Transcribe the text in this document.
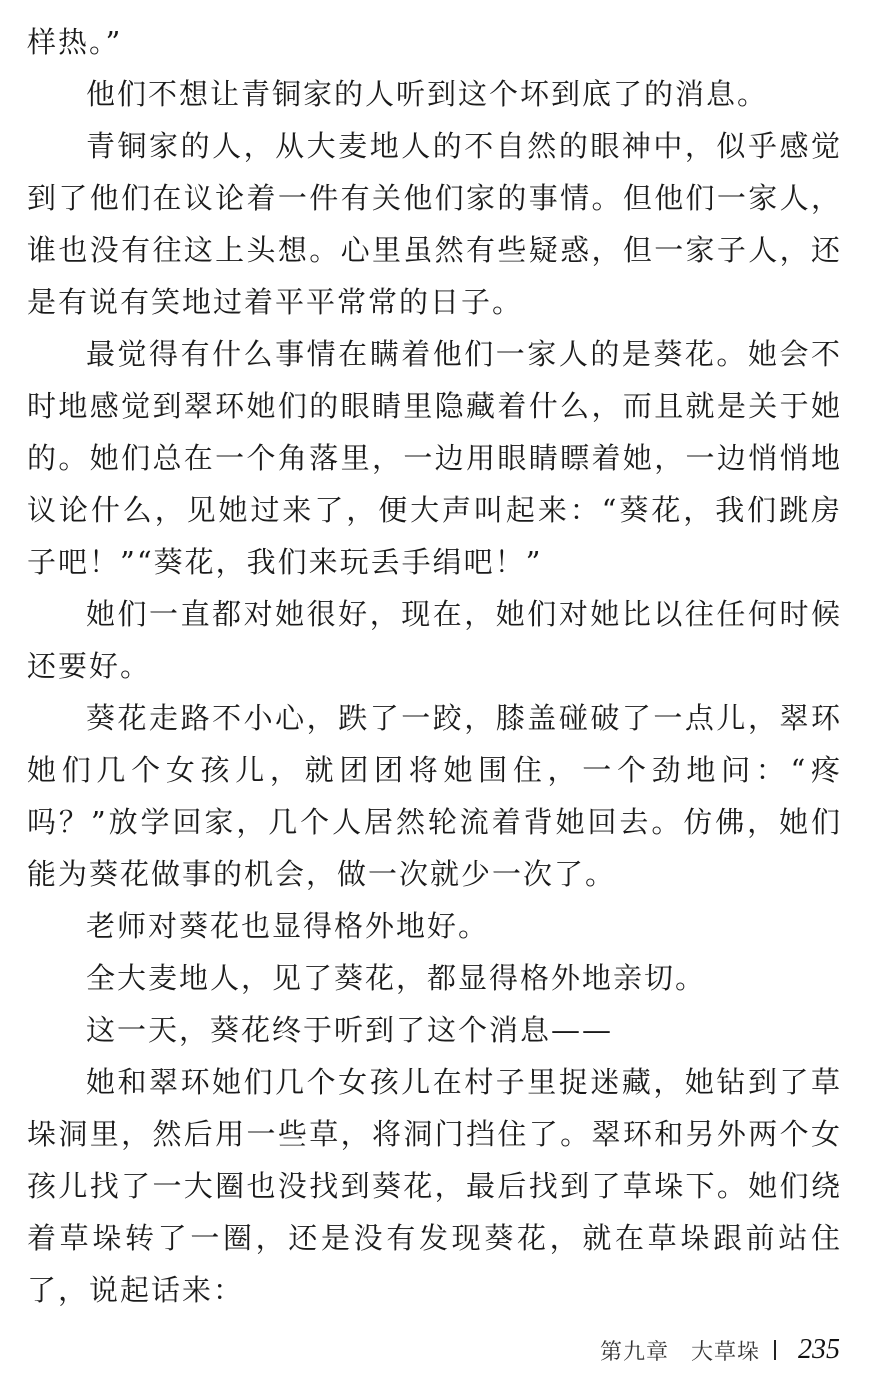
样热。”

他们不想让青铜家的人听到这个坏到底了的消息。

青铜家的人，从大麦地人的不自然的眼神中，似乎感觉到了他们在议论着一件有关他们家的事情。但他们一家人，谁也没有往这上头想。心里虽然有些疑惑，但一家子人，还是有说有笑地过着平平常常的日子。

最觉得有什么事情在瞒着他们一家人的是葵花。她会不时地感觉到翠环她们的眼睛里隐藏着什么，而且就是关于她的。她们总在一个角落里，一边用眼睛瞟着她，一边悄悄地议论什么，见她过来了，便大声叫起来：“葵花，我们跳房子吧！”“葵花，我们来玩丢手绢吧！”

她们一直都对她很好，现在，她们对她比以往任何时候还要好。

葵花走路不小心，跌了一跤，膝盖碰破了一点儿，翠环她们几个女孩儿，就团团将她围住，一个劲地问：“疼吗？”放学回家，几个人居然轮流着背她回去。仿佛，她们能为葵花做事的机会，做一次就少一次了。

老师对葵花也显得格外地好。

全大麦地人，见了葵花，都显得格外地亲切。

这一天，葵花终于听到了这个消息——

她和翠环她们几个女孩儿在村子里捉迷藏，她钻到了草垛洞里，然后用一些草，将洞门挡住了。翠环和另外两个女孩儿找了一大圈也没找到葵花，最后找到了草垛下。她们绕着草垛转了一圈，还是没有发现葵花，就在草垛跟前站住了，说起话来：

第九章 大草垛 235
